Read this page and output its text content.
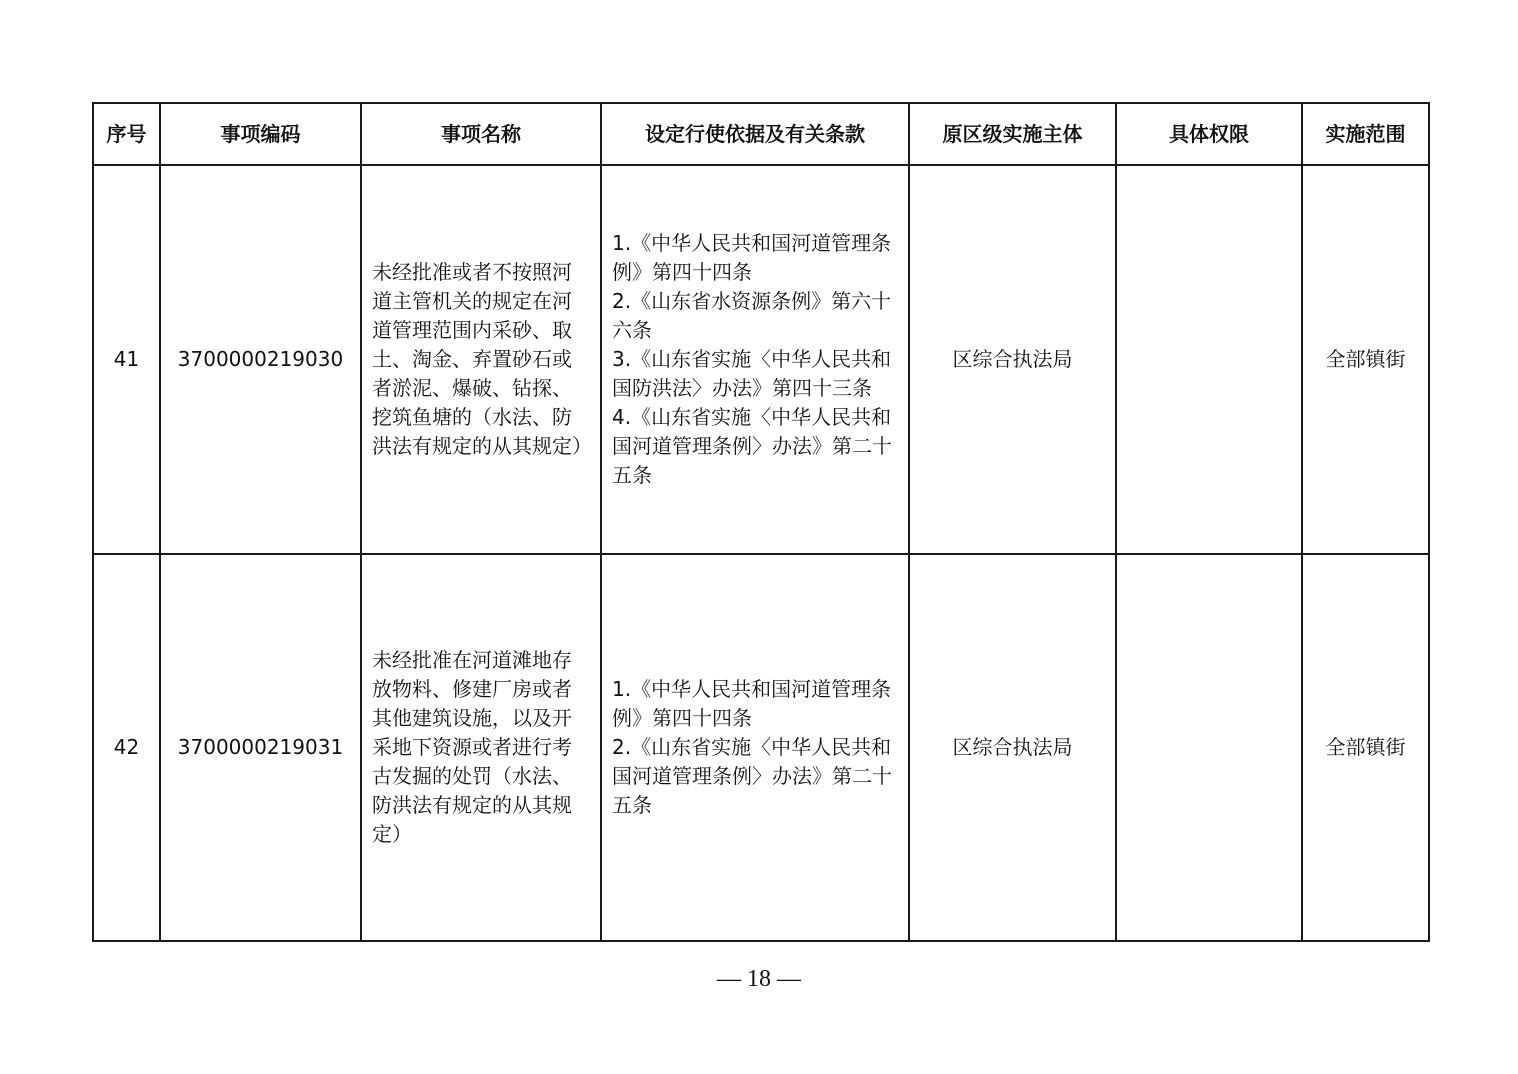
序号	事项编码	事项名称	设定行使依据及有关条款	原区级实施主体	具体权限	实施范围
41	3700000219030	未经批准或者不按照河道主管机关的规定在河道管理范围内采砂、取土、淘金、弃置砂石或者淤泥、爆破、钻探、挖筑鱼塘的（水法、防洪法有规定的从其规定）	1.《中华人民共和国河道管理条例》第四十四条
2.《山东省水资源条例》第六十六条
3.《山东省实施〈中华人民共和国防洪法〉办法》第四十三条
4.《山东省实施〈中华人民共和国河道管理条例〉办法》第二十五条	区综合执法局		全部镇街
42	3700000219031	未经批准在河道滩地存放物料、修建厂房或者其他建筑设施，以及开采地下资源或者进行考古发掘的处罚（水法、防洪法有规定的从其规定）	1.《中华人民共和国河道管理条例》第四十四条
2.《山东省实施〈中华人民共和国河道管理条例〉办法》第二十五条	区综合执法局		全部镇街
— 18 —
